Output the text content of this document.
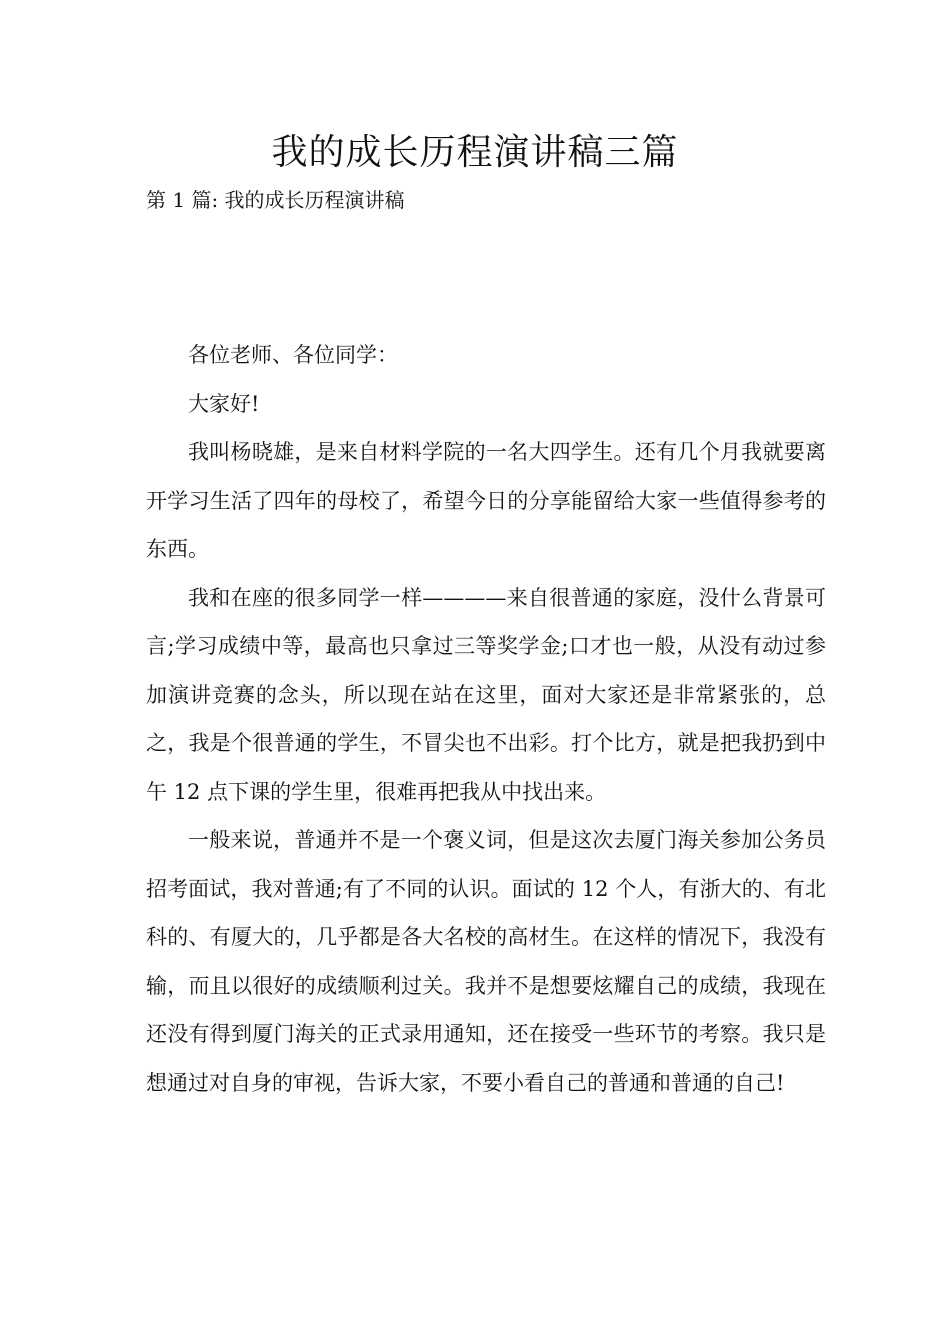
我的成长历程演讲稿三篇
第 1 篇: 我的成长历程演讲稿

各位老师、各位同学：

大家好!

我叫杨晓雄，是来自材料学院的一名大四学生。还有几个月我就要离开学习生活了四年的母校了，希望今日的分享能留给大家一些值得参考的东西。

我和在座的很多同学一样————来自很普通的家庭，没什么背景可言;学习成绩中等，最高也只拿过三等奖学金;口才也一般，从没有动过参加演讲竞赛的念头，所以现在站在这里，面对大家还是非常紧张的，总之，我是个很普通的学生，不冒尖也不出彩。打个比方，就是把我扔到中午 12 点下课的学生里，很难再把我从中找出来。

一般来说，普通并不是一个褒义词，但是这次去厦门海关参加公务员招考面试，我对普通;有了不同的认识。面试的 12 个人，有浙大的、有北科的、有厦大的，几乎都是各大名校的高材生。在这样的情况下，我没有输，而且以很好的成绩顺利过关。我并不是想要炫耀自己的成绩，我现在还没有得到厦门海关的正式录用通知，还在接受一些环节的考察。我只是想通过对自身的审视，告诉大家，不要小看自己的普通和普通的自己!
